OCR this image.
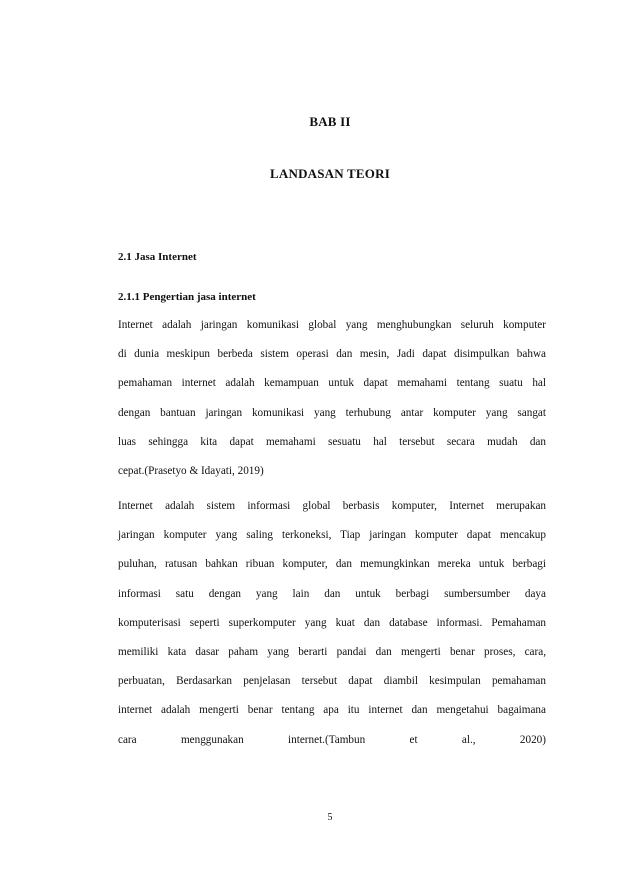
BAB II
LANDASAN TEORI
2.1 Jasa Internet
2.1.1 Pengertian jasa internet
Internet adalah jaringan komunikasi global yang menghubungkan seluruh komputer
di dunia meskipun berbeda sistem operasi dan mesin, Jadi dapat disimpulkan bahwa
pemahaman internet adalah kemampuan untuk dapat memahami tentang suatu hal
dengan bantuan jaringan komunikasi yang terhubung antar komputer yang sangat
luas sehingga kita dapat memahami sesuatu hal tersebut secara mudah dan
cepat.(Prasetyo & Idayati, 2019)
Internet adalah sistem informasi global berbasis komputer, Internet merupakan
jaringan komputer yang saling terkoneksi, Tiap jaringan komputer dapat mencakup
puluhan, ratusan bahkan ribuan komputer, dan memungkinkan mereka untuk berbagi
informasi satu dengan yang lain dan untuk berbagi sumbersumber daya
komputerisasi seperti superkomputer yang kuat dan database informasi. Pemahaman
memiliki kata dasar paham yang berarti pandai dan mengerti benar proses, cara,
perbuatan, Berdasarkan penjelasan tersebut dapat diambil kesimpulan pemahaman
internet adalah mengerti benar tentang apa itu internet dan mengetahui bagaimana
cara menggunakan internet.(Tambun et al., 2020)
5
